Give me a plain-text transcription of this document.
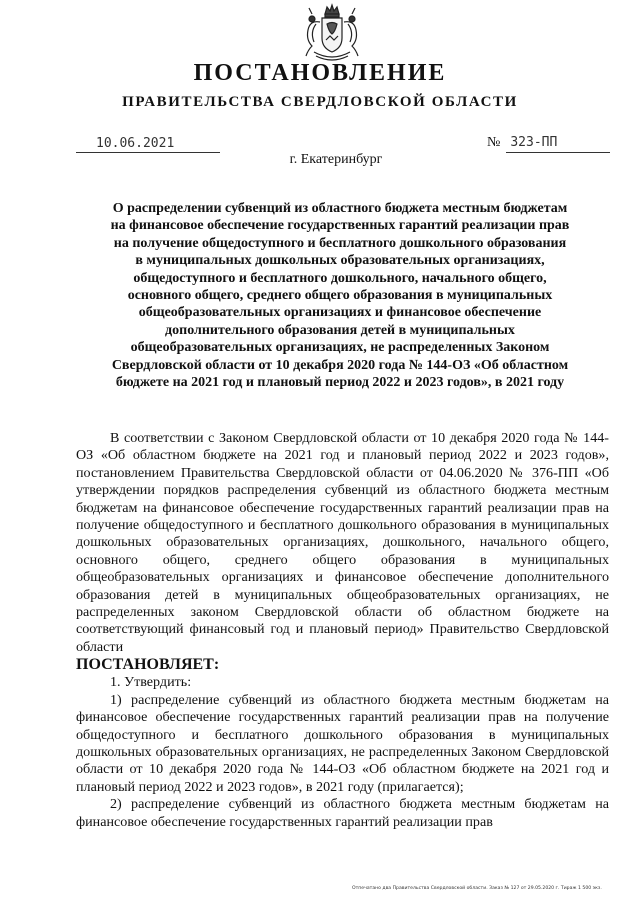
ПОСТАНОВЛЕНИЕ
ПРАВИТЕЛЬСТВА СВЕРДЛОВСКОЙ ОБЛАСТИ
10.06.2021	№ 323-ПП
г. Екатеринбург
О распределении субвенций из областного бюджета местным бюджетам
на финансовое обеспечение государственных гарантий реализации прав
на получение общедоступного и бесплатного дошкольного образования
в муниципальных дошкольных образовательных организациях,
общедоступного и бесплатного дошкольного, начального общего,
основного общего, среднего общего образования в муниципальных
общеобразовательных организациях и финансовое обеспечение
дополнительного образования детей в муниципальных
общеобразовательных организациях, не распределенных Законом
Свердловской области от 10 декабря 2020 года № 144-ОЗ «Об областном
бюджете на 2021 год и плановый период 2022 и 2023 годов», в 2021 году

В соответствии с Законом Свердловской области от 10 декабря 2020 года № 144-ОЗ «Об областном бюджете на 2021 год и плановый период 2022 и 2023 годов», постановлением Правительства Свердловской области от 04.06.2020 № 376-ПП «Об утверждении порядков распределения субвенций из областного бюджета местным бюджетам на финансовое обеспечение государственных гарантий реализации прав на получение общедоступного и бесплатного дошкольного образования в муниципальных дошкольных образовательных организациях, дошкольного, начального общего, основного общего, среднего общего образования в муниципальных общеобразовательных организациях и финансовое обеспечение дополнительного образования детей в муниципальных общеобразовательных организациях, не распределенных законом Свердловской области об областном бюджете на соответствующий финансовый год и плановый период» Правительство Свердловской области

ПОСТАНОВЛЯЕТ:

1. Утвердить:

1) распределение субвенций из областного бюджета местным бюджетам на финансовое обеспечение государственных гарантий реализации прав на получение общедоступного и бесплатного дошкольного образования в муниципальных дошкольных образовательных организациях, не распределенных Законом Свердловской области от 10 декабря 2020 года № 144-ОЗ «Об областном бюджете на 2021 год и плановый период 2022 и 2023 годов», в 2021 году (прилагается);

2) распределение субвенций из областного бюджета местным бюджетам на финансовое обеспечение государственных гарантий реализации прав

Отпечатано два Правительства Свердловской области. Заказ № 127 от 29.05.2020 г. Тираж 1 500 экз.
